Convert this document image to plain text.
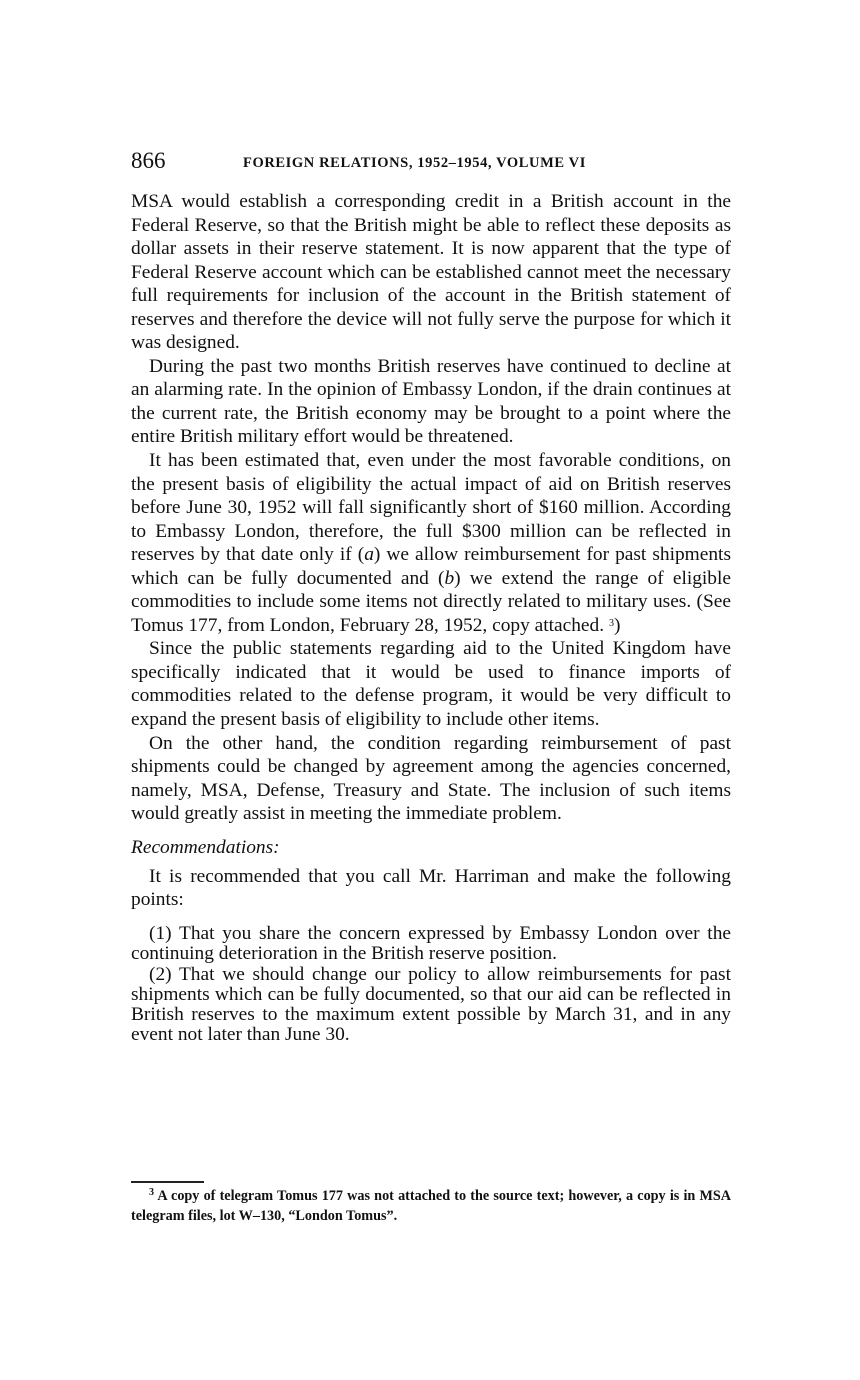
866	FOREIGN RELATIONS, 1952–1954, VOLUME VI

MSA would establish a corresponding credit in a British account in the Federal Reserve, so that the British might be able to reflect these deposits as dollar assets in their reserve statement. It is now apparent that the type of Federal Reserve account which can be established cannot meet the necessary full requirements for inclusion of the account in the British statement of reserves and therefore the device will not fully serve the purpose for which it was designed.

During the past two months British reserves have continued to decline at an alarming rate. In the opinion of Embassy London, if the drain continues at the current rate, the British economy may be brought to a point where the entire British military effort would be threatened.

It has been estimated that, even under the most favorable conditions, on the present basis of eligibility the actual impact of aid on British reserves before June 30, 1952 will fall significantly short of $160 million. According to Embassy London, therefore, the full $300 million can be reflected in reserves by that date only if (a) we allow reimbursement for past shipments which can be fully documented and (b) we extend the range of eligible commodities to include some items not directly related to military uses. (See Tomus 177, from London, February 28, 1952, copy attached. $^3$)

Since the public statements regarding aid to the United Kingdom have specifically indicated that it would be used to finance imports of commodities related to the defense program, it would be very difficult to expand the present basis of eligibility to include other items.

On the other hand, the condition regarding reimbursement of past shipments could be changed by agreement among the agencies concerned, namely, MSA, Defense, Treasury and State. The inclusion of such items would greatly assist in meeting the immediate problem.

Recommendations:

It is recommended that you call Mr. Harriman and make the following points:

(1) That you share the concern expressed by Embassy London over the continuing deterioration in the British reserve position.

(2) That we should change our policy to allow reimbursements for past shipments which can be fully documented, so that our aid can be reflected in British reserves to the maximum extent possible by March 31, and in any event not later than June 30.

$^3$ A copy of telegram Tomus 177 was not attached to the source text; however, a copy is in MSA telegram files, lot W–130, “London Tomus”.
